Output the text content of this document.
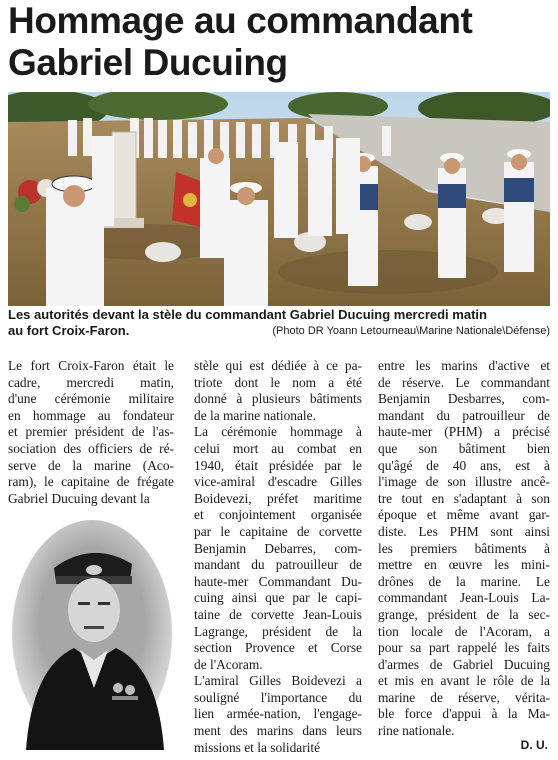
Hommage au commandant
Gabriel Ducuing
Les autorités devant la stèle du commandant Gabriel Ducuing mercredi matin
au fort Croix-Faron.	(Photo DR Yoann Letourneau\Marine Nationale\Défense)
Le fort Croix-Faron était le
cadre, mercredi matin,
d'une cérémonie militaire
en hommage au fondateur
et premier président de l'as-
sociation des officiers de ré-
serve de la marine (Aco-
ram), le capitaine de frégate
Gabriel Ducuing devant la
stèle qui est dédiée à ce pa-
triote dont le nom a été
donné à plusieurs bâtiments
de la marine nationale.
La cérémonie hommage à
celui mort au combat en
1940, était présidée par le
vice-amiral d'escadre Gilles
Boidevezi, préfet maritime
et conjointement organisée
par le capitaine de corvette
Benjamin Debarres, com-
mandant du patrouilleur de
haute-mer Commandant Du-
cuing ainsi que par le capi-
taine de corvette Jean-Louis
Lagrange, président de la
section Provence et Corse
de l'Acoram.
L'amiral Gilles Boidevezi a
souligné l'importance du
lien armée-nation, l'engage-
ment des marins dans leurs
missions et la solidarité
entre les marins d'active et
de réserve. Le commandant
Benjamin Desbarres, com-
mandant du patrouilleur de
haute-mer (PHM) a précisé
que son bâtiment bien
qu'âgé de 40 ans, est à
l'image de son illustre ancê-
tre tout en s'adaptant à son
époque et même avant gar-
diste. Les PHM sont ainsi
les premiers bâtiments à
mettre en œuvre les mini-
drônes de la marine. Le
commandant Jean-Louis La-
grange, président de la sec-
tion locale de l'Acoram, a
pour sa part rappelé les faits
d'armes de Gabriel Ducuing
et mis en avant le rôle de la
marine de réserve, vérita-
ble force d'appui à la Ma-
rine nationale.
D. U.
